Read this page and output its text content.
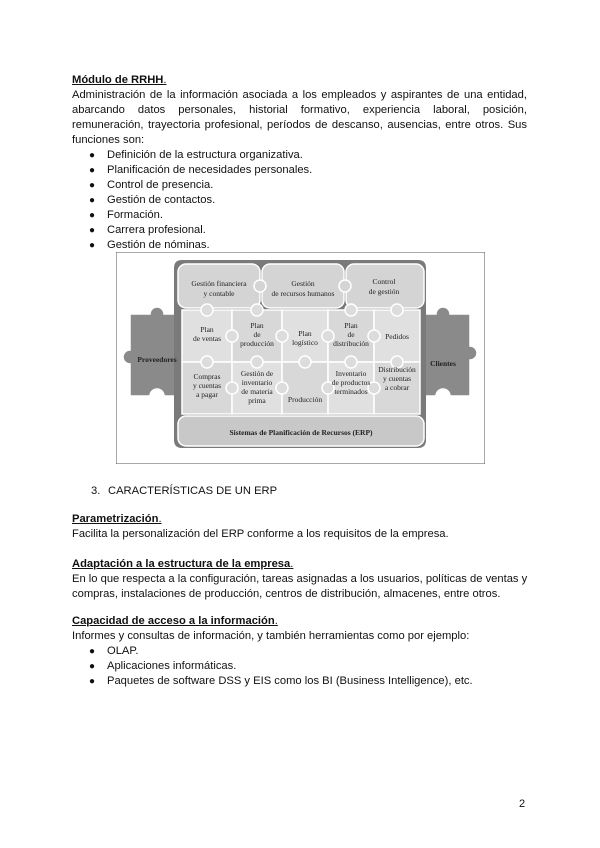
Módulo de RRHH.

Administración de la información asociada a los empleados y aspirantes de una entidad, abarcando datos personales, historial formativo, experiencia laboral, posición, remuneración, trayectoria profesional, períodos de descanso, ausencias, entre otros. Sus funciones son:

● Definición de la estructura organizativa.
● Planificación de necesidades personales.
● Control de presencia.
● Gestión de contactos.
● Formación.
● Carrera profesional.
● Gestión de nóminas.
Gestión financiera
y contable
Gestión
de recursos humanos
Control
de gestión
Plan
de ventas
Plan
de
producción
Plan
logístico
Plan
de
distribución
Pedidos
Compras
y cuentas
a pagar
Gestión de
inventario
de materia
prima	Producción
Inventario
de productos
terminados
Distribución
y cuentas
a cobrar
Proveedores	Clientes
Sistemas de Planificación de Recursos (ERP)
3. CARACTERÍSTICAS DE UN ERP
Parametrización.

Facilita la personalización del ERP conforme a los requisitos de la empresa.

Adaptación a la estructura de la empresa.

En lo que respecta a la configuración, tareas asignadas a los usuarios, políticas de ventas y compras, instalaciones de producción, centros de distribución, almacenes, entre otros.

Capacidad de acceso a la información.

Informes y consultas de información, y también herramientas como por ejemplo:

● OLAP.
● Aplicaciones informáticas.
● Paquetes de software DSS y EIS como los BI (Business Intelligence), etc.
2
